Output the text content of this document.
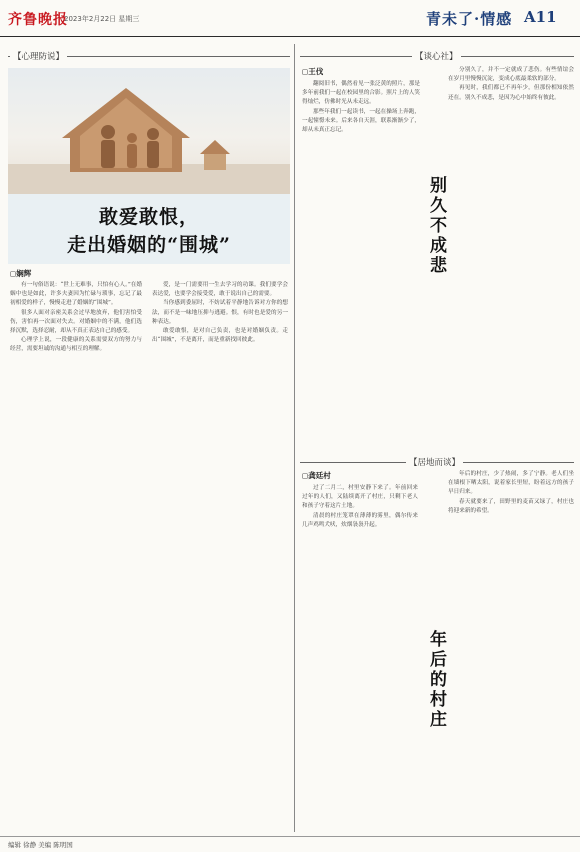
齐鲁晚报
2023年2月22日 星期三	青未了·情感 A11
【心理防说】
敢爱敢恨，
走出婚姻的“围城”
◻娴辉

有一句俗语说：“世上无难事，只怕有心人。”在婚姻中也是如此，许多夫妻因为忙碌与琐事，忘记了最初相爱的样子，慢慢走进了婚姻的“围城”。

很多人面对亲密关系会过早地放弃，他们害怕受伤，害怕再一次面对失去。对婚姻中的不满，他们选择沉默，选择忍耐，却从不真正表达自己的感受。

心理学上说，一段健康的关系需要双方的努力与经营，需要坦诚的沟通与相互的理解。

爱，是一门需要用一生去学习的功课。我们要学会表达爱，也要学会接受爱，敢于说出自己的需要。

当你感到委屈时，不妨试着平静地告诉对方你的想法，而不是一味地压抑与逃避。恨，有时也是爱的另一种表达。

敢爱敢恨，是对自己负责，也是对婚姻负责。走出“围城”，不是离开，而是重新找回彼此。

【谈心社】
◻王伐

翻阅旧书，偶然看见一张泛黄的照片，那是多年前我们一起在校园里的合影。照片上的人笑得灿烂，仿佛时光从未走远。

那些年我们一起读书，一起在操场上奔跑，一起憧憬未来。后来各自天涯，联系渐渐少了，却从未真正忘记。

别久不成悲

分别久了，并不一定就成了悲伤。有些情谊会在岁月里慢慢沉淀，变成心底最柔软的部分。

再见时，我们都已不再年少，但那份相知依然还在。别久不成悲，是因为心中始终有彼此。

【居地而谈】
◻龚廷村

过了二月二，村里安静下来了。年前回来过年的人们，又陆续离开了村庄，只剩下老人和孩子守着这片土地。

清晨的村庄笼罩在薄薄的雾里，偶尔传来几声鸡鸣犬吠，炊烟袅袅升起。

年后的村庄

年后的村庄，少了热闹，多了宁静。老人们坐在墙根下晒太阳，说着家长里短，盼着远方的孩子早日归来。

春天就要来了，田野里的麦苗又绿了，村庄也将迎来新的希望。

编辑 徐静 美编 陈明国
